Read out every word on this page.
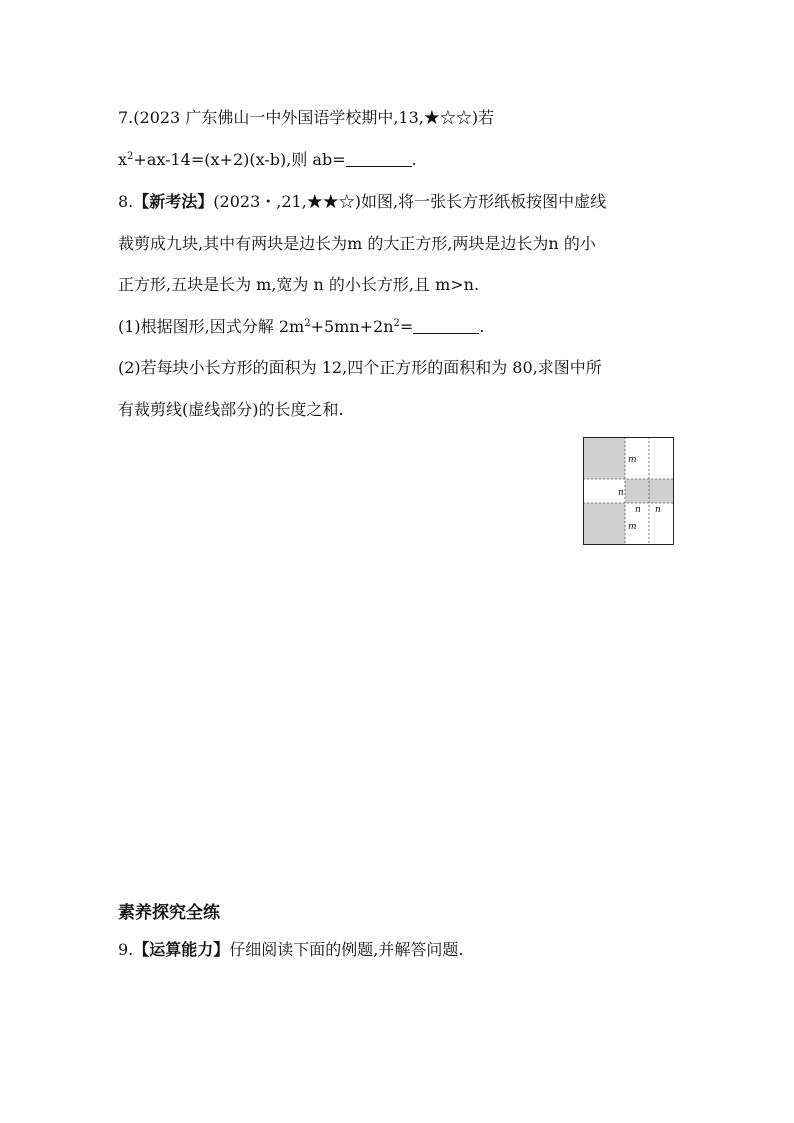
7.(2023 广东佛山一中外国语学校期中,13,★☆☆)若
$x^2+ax-14=(x+2)(x-b)$,则 ab=	.
8.【新考法】(2023・,21,★★☆)如图,将一张长方形纸板按图中虚线
裁剪成九块,其中有两块是边长为m 的大正方形,两块是边长为n 的小
正方形,五块是长为 m,宽为 n 的小长方形,且 m>n.
(1)根据图形,因式分解 $2m^2+5mn+2n^2=$	.
(2)若每块小长方形的面积为 12,四个正方形的面积和为 80,求图中所
有裁剪线(虚线部分)的长度之和.
m
n
n n
m
素养探究全练
9.【运算能力】仔细阅读下面的例题,并解答问题.
